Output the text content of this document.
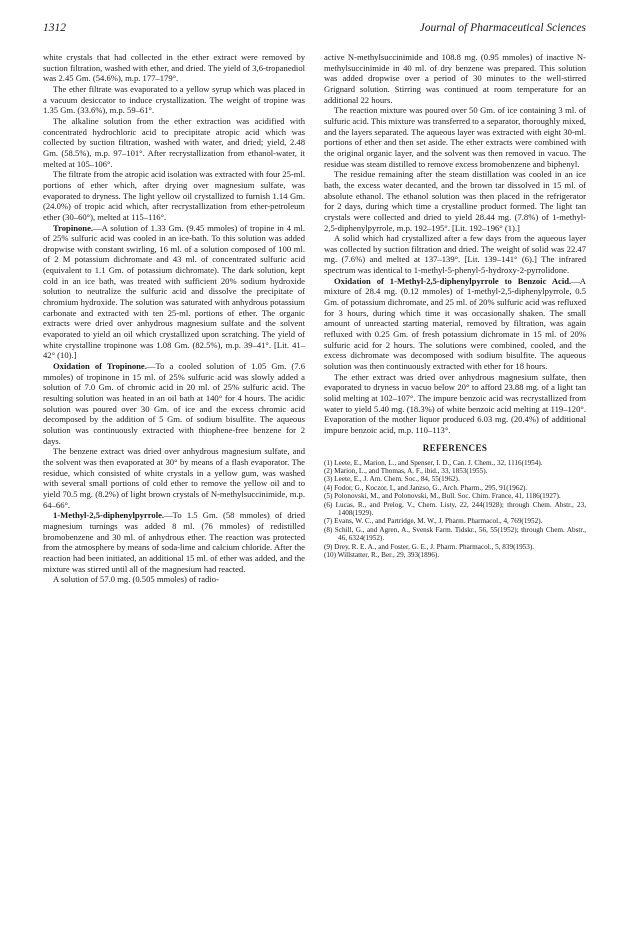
1312	Journal of Pharmaceutical Sciences

white crystals that had collected in the ether extract were removed by suction filtration, washed with ether, and dried. The yield of 3,6-tropanediol was 2.45 Gm. (54.6%), m.p. 177–179°.

The ether filtrate was evaporated to a yellow syrup which was placed in a vacuum desiccator to induce crystallization. The weight of tropine was 1.35 Gm. (33.6%), m.p. 59–61°.

The alkaline solution from the ether extraction was acidified with concentrated hydrochloric acid to precipitate atropic acid which was collected by suction filtration, washed with water, and dried; yield, 2.48 Gm. (58.5%), m.p. 97–101°. After recrystallization from ethanol-water, it melted at 105–106°.

The filtrate from the atropic acid isolation was extracted with four 25-ml. portions of ether which, after drying over magnesium sulfate, was evaporated to dryness. The light yellow oil crystallized to furnish 1.14 Gm. (24.0%) of tropic acid which, after recrystallization from ether-petroleum ether (30–60°), melted at 115–116°.

Tropinone.—A solution of 1.33 Gm. (9.45 mmoles) of tropine in 4 ml. of 25% sulfuric acid was cooled in an ice-bath. To this solution was added dropwise with constant swirling, 16 ml. of a solution composed of 100 ml. of 2 M potassium dichromate and 43 ml. of concentrated sulfuric acid (equivalent to 1.1 Gm. of potassium dichromate). The dark solution, kept cold in an ice bath, was treated with sufficient 20% sodium hydroxide solution to neutralize the sulfuric acid and dissolve the precipitate of chromium hydroxide. The solution was saturated with anhydrous potassium carbonate and extracted with ten 25-ml. portions of ether. The organic extracts were dried over anhydrous magnesium sulfate and the solvent evaporated to yield an oil which crystallized upon scratching. The yield of white crystalline tropinone was 1.08 Gm. (82.5%), m.p. 39–41°. [Lit. 41–42° (10).]

Oxidation of Tropinone.—To a cooled solution of 1.05 Gm. (7.6 mmoles) of tropinone in 15 ml. of 25% sulfuric acid was slowly added a solution of 7.0 Gm. of chromic acid in 20 ml. of 25% sulfuric acid. The resulting solution was heated in an oil bath at 140° for 4 hours. The acidic solution was poured over 30 Gm. of ice and the excess chromic acid decomposed by the addition of 5 Gm. of sodium bisulfite. The aqueous solution was continuously extracted with thiophene-free benzene for 2 days.

The benzene extract was dried over anhydrous magnesium sulfate, and the solvent was then evaporated at 30° by means of a flash evaporator. The residue, which consisted of white crystals in a yellow gum, was washed with several small portions of cold ether to remove the yellow oil and to yield 70.5 mg. (8.2%) of light brown crystals of N-methylsuccinimide, m.p. 64–66°.

1-Methyl-2,5-diphenylpyrrole.—To 1.5 Gm. (58 mmoles) of dried magnesium turnings was added 8 ml. (76 mmoles) of redistilled bromobenzene and 30 ml. of anhydrous ether. The reaction was protected from the atmosphere by means of soda-lime and calcium chloride. After the reaction had been initiated, an additional 15 ml. of ether was added, and the mixture was stirred until all of the magnesium had reacted.

A solution of 57.0 mg. (0.505 mmoles) of radio-

active N-methylsuccinimide and 108.8 mg. (0.95 mmoles) of inactive N-methylsuccinimide in 40 ml. of dry benzene was prepared. This solution was added dropwise over a period of 30 minutes to the well-stirred Grignard solution. Stirring was continued at room temperature for an additional 22 hours.

The reaction mixture was poured over 50 Gm. of ice containing 3 ml. of sulfuric acid. This mixture was transferred to a separator, thoroughly mixed, and the layers separated. The aqueous layer was extracted with eight 30-ml. portions of ether and then set aside. The ether extracts were combined with the original organic layer, and the solvent was then removed in vacuo. The residue was steam distilled to remove excess bromobenzene and biphenyl.

The residue remaining after the steam distillation was cooled in an ice bath, the excess water decanted, and the brown tar dissolved in 15 ml. of absolute ethanol. The ethanol solution was then placed in the refrigerator for 2 days, during which time a crystalline product formed. The light tan crystals were collected and dried to yield 28.44 mg. (7.8%) of 1-methyl-2,5-diphenylpyrrole, m.p. 192–195°. [Lit. 192–196° (1).]

A solid which had crystallized after a few days from the aqueous layer was collected by suction filtration and dried. The weight of solid was 22.47 mg. (7.6%) and melted at 137–139°. [Lit. 139–141° (6).] The infrared spectrum was identical to 1-methyl-5-phenyl-5-hydroxy-2-pyrrolidone.

Oxidation of 1-Methyl-2,5-diphenylpyrrole to Benzoic Acid.—A mixture of 28.4 mg. (0.12 mmoles) of 1-methyl-2,5-diphenylpyrrole, 0.5 Gm. of potassium dichromate, and 25 ml. of 20% sulfuric acid was refluxed for 3 hours, during which time it was occasionally shaken. The small amount of unreacted starting material, removed by filtration, was again refluxed with 0.25 Gm. of fresh potassium dichromate in 15 ml. of 20% sulfuric acid for 2 hours. The solutions were combined, cooled, and the excess dichromate was decomposed with sodium bisulfite. The aqueous solution was then continuously extracted with ether for 18 hours.

The ether extract was dried over anhydrous magnesium sulfate, then evaporated to dryness in vacuo below 20° to afford 23.88 mg. of a light tan solid melting at 102–107°. The impure benzoic acid was recrystallized from water to yield 5.40 mg. (18.3%) of white benzoic acid melting at 119–120°. Evaporation of the mother liquor produced 6.03 mg. (20.4%) of additional impure benzoic acid, m.p. 110–113°.

REFERENCES
(1) Leete, E., Marion, L., and Spenser, I. D., Can. J. Chem., 32, 1116(1954).
(2) Marion, L., and Thomas, A. F., ibid., 33, 1853(1955).
(3) Leete, E., J. Am. Chem. Soc., 84, 55(1962).
(4) Fodor, G., Koczor, I., and Janzso, G., Arch. Pharm., 295, 91(1962).
(5) Polonovski, M., and Polonovski, M., Bull. Soc. Chim. France, 41, 1186(1927).
(6) Lucas, R., and Prelog, V., Chem. Listy, 22, 244(1928); through Chem. Abstr., 23, 1408(1929).
(7) Evans, W. C., and Partridge, M. W., J. Pharm. Pharmacol., 4, 769(1952).
(8) Schill, G., and Agren, A., Svensk Farm. Tidskr., 56, 55(1952); through Chem. Abstr., 46, 6324(1952).
(9) Drey, R. E. A., and Foster, G. E., J. Pharm. Pharmacol., 5, 839(1953).
(10) Willstatter, R., Ber., 29, 393(1896).
